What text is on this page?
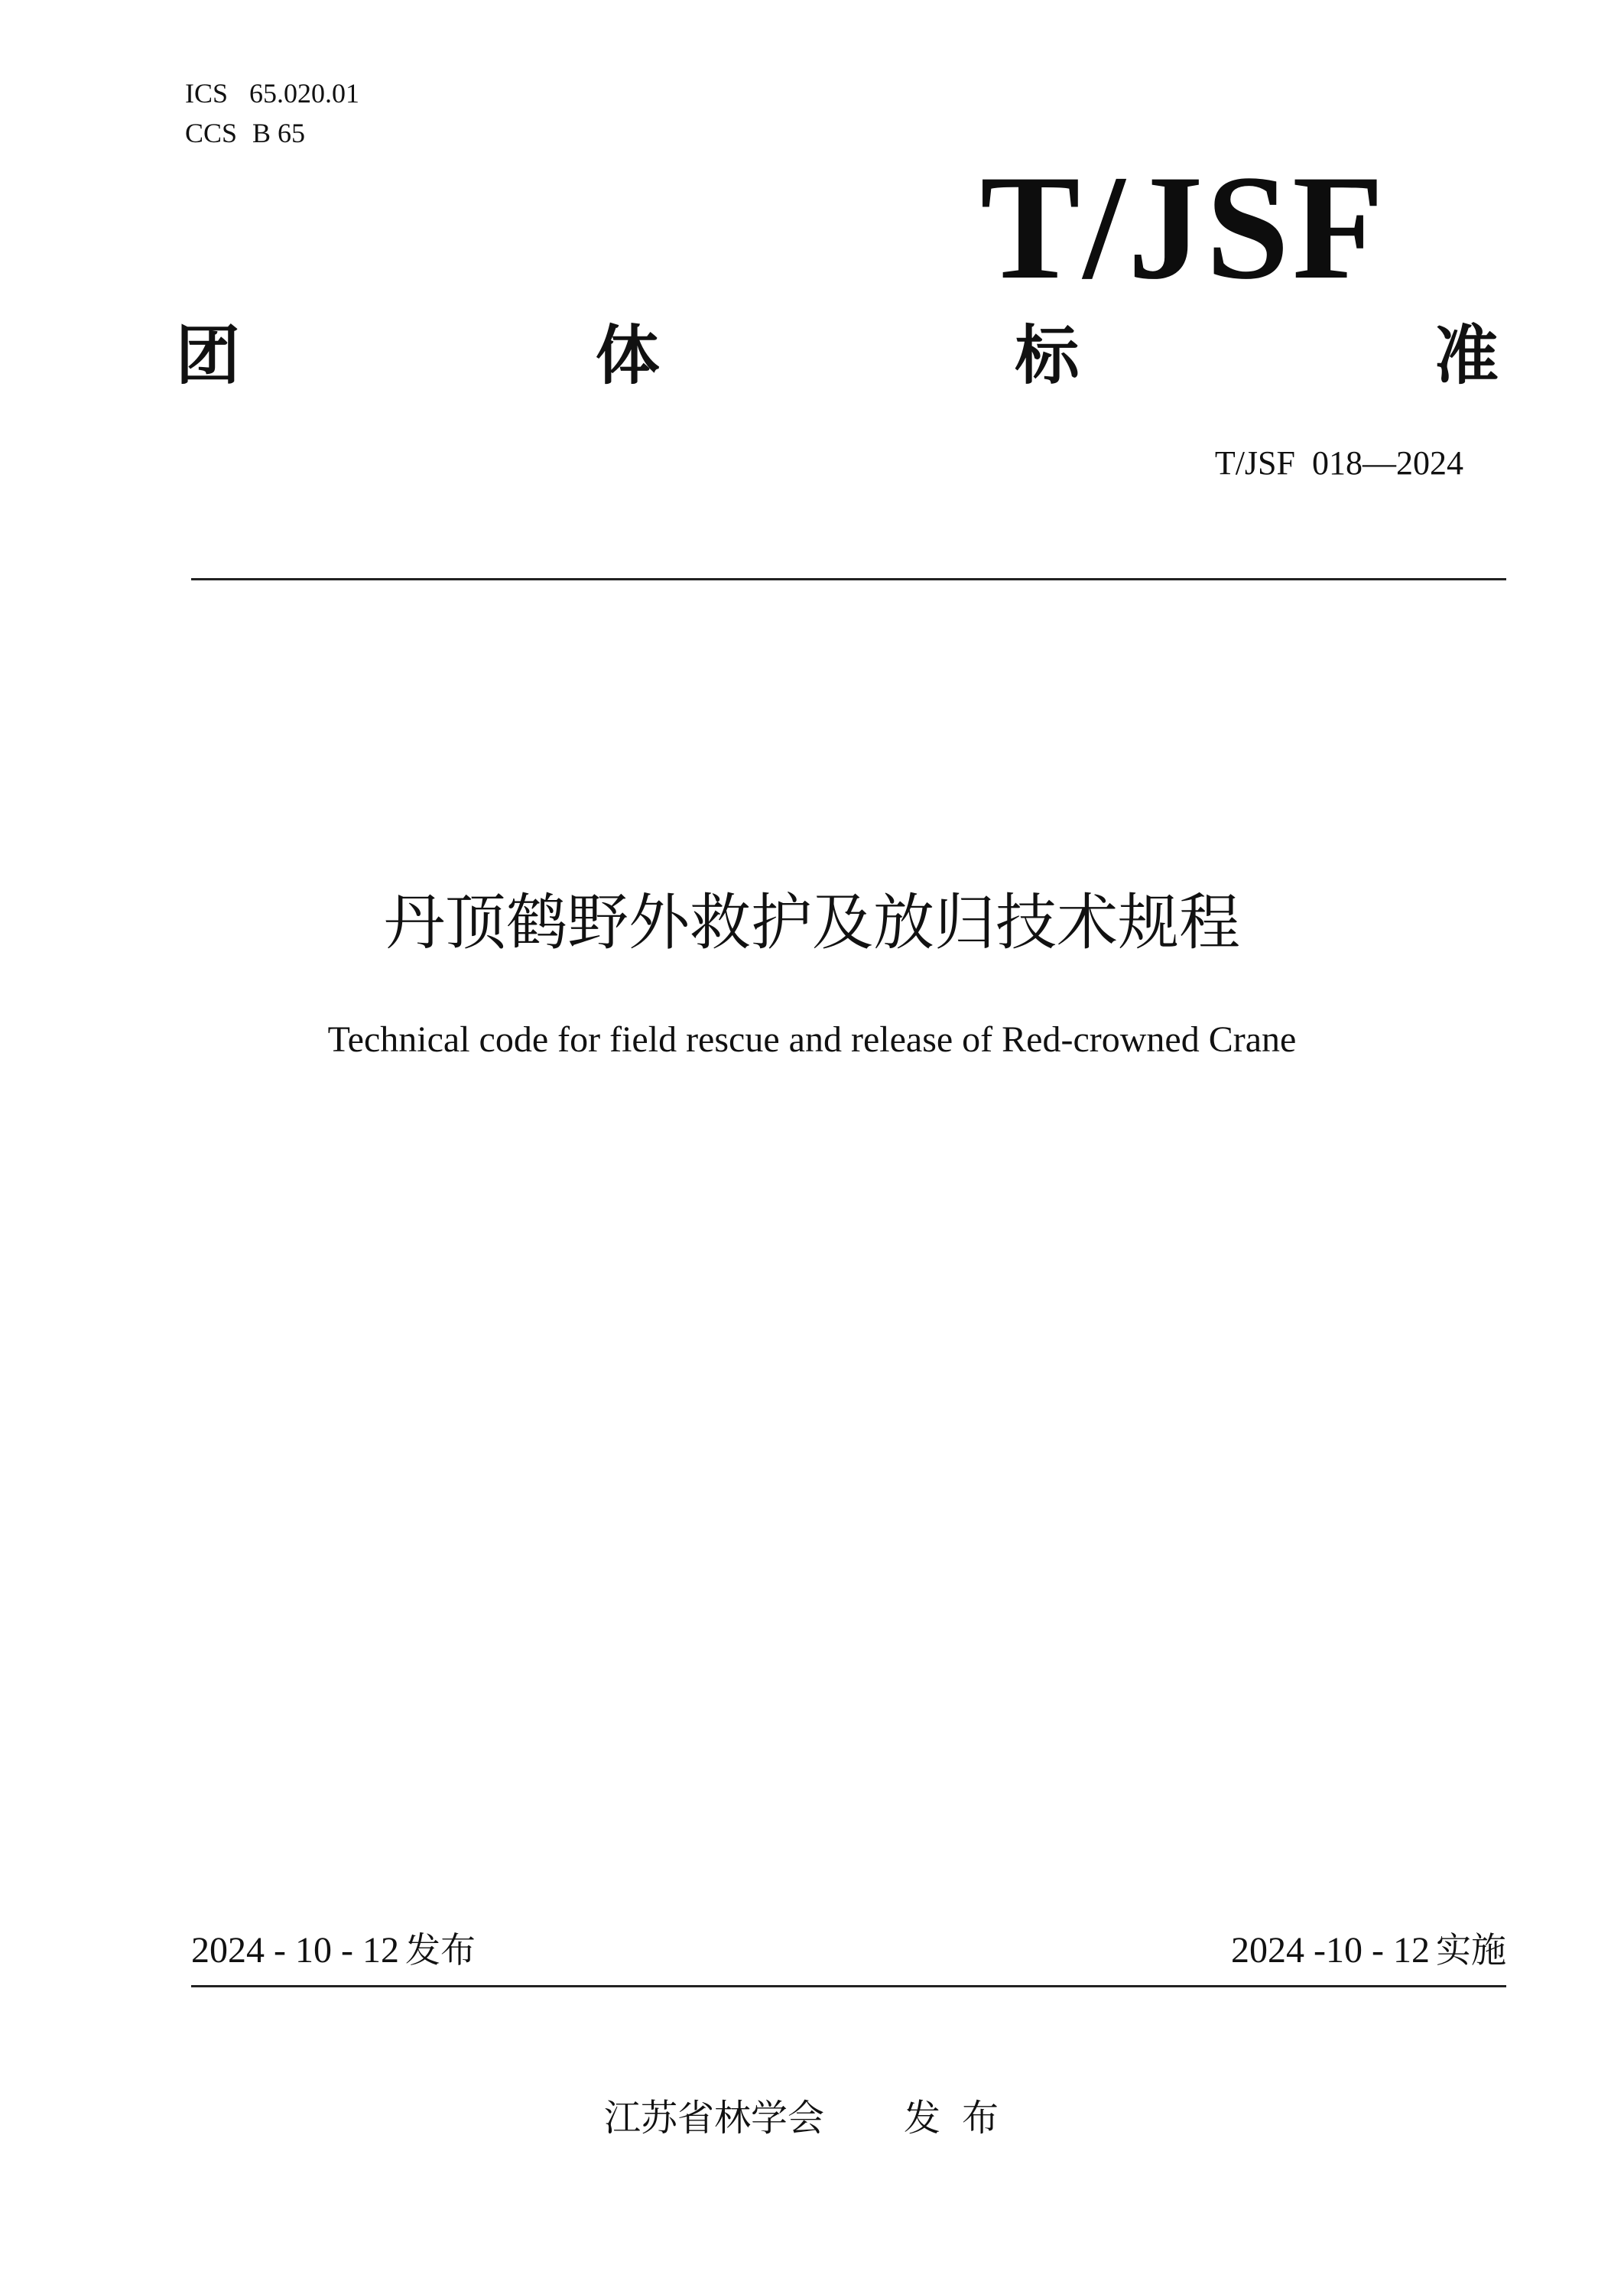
ICS 65.020.01
CCS B 65
T/JSF
团	体	标	准
T/JSF  018—2024
丹顶鹤野外救护及放归技术规程
Technical code for field rescue and release of Red-crowned Crane
2024 - 10 - 12 发布	2024 -10 - 12 实施
江苏省林学会 发布
